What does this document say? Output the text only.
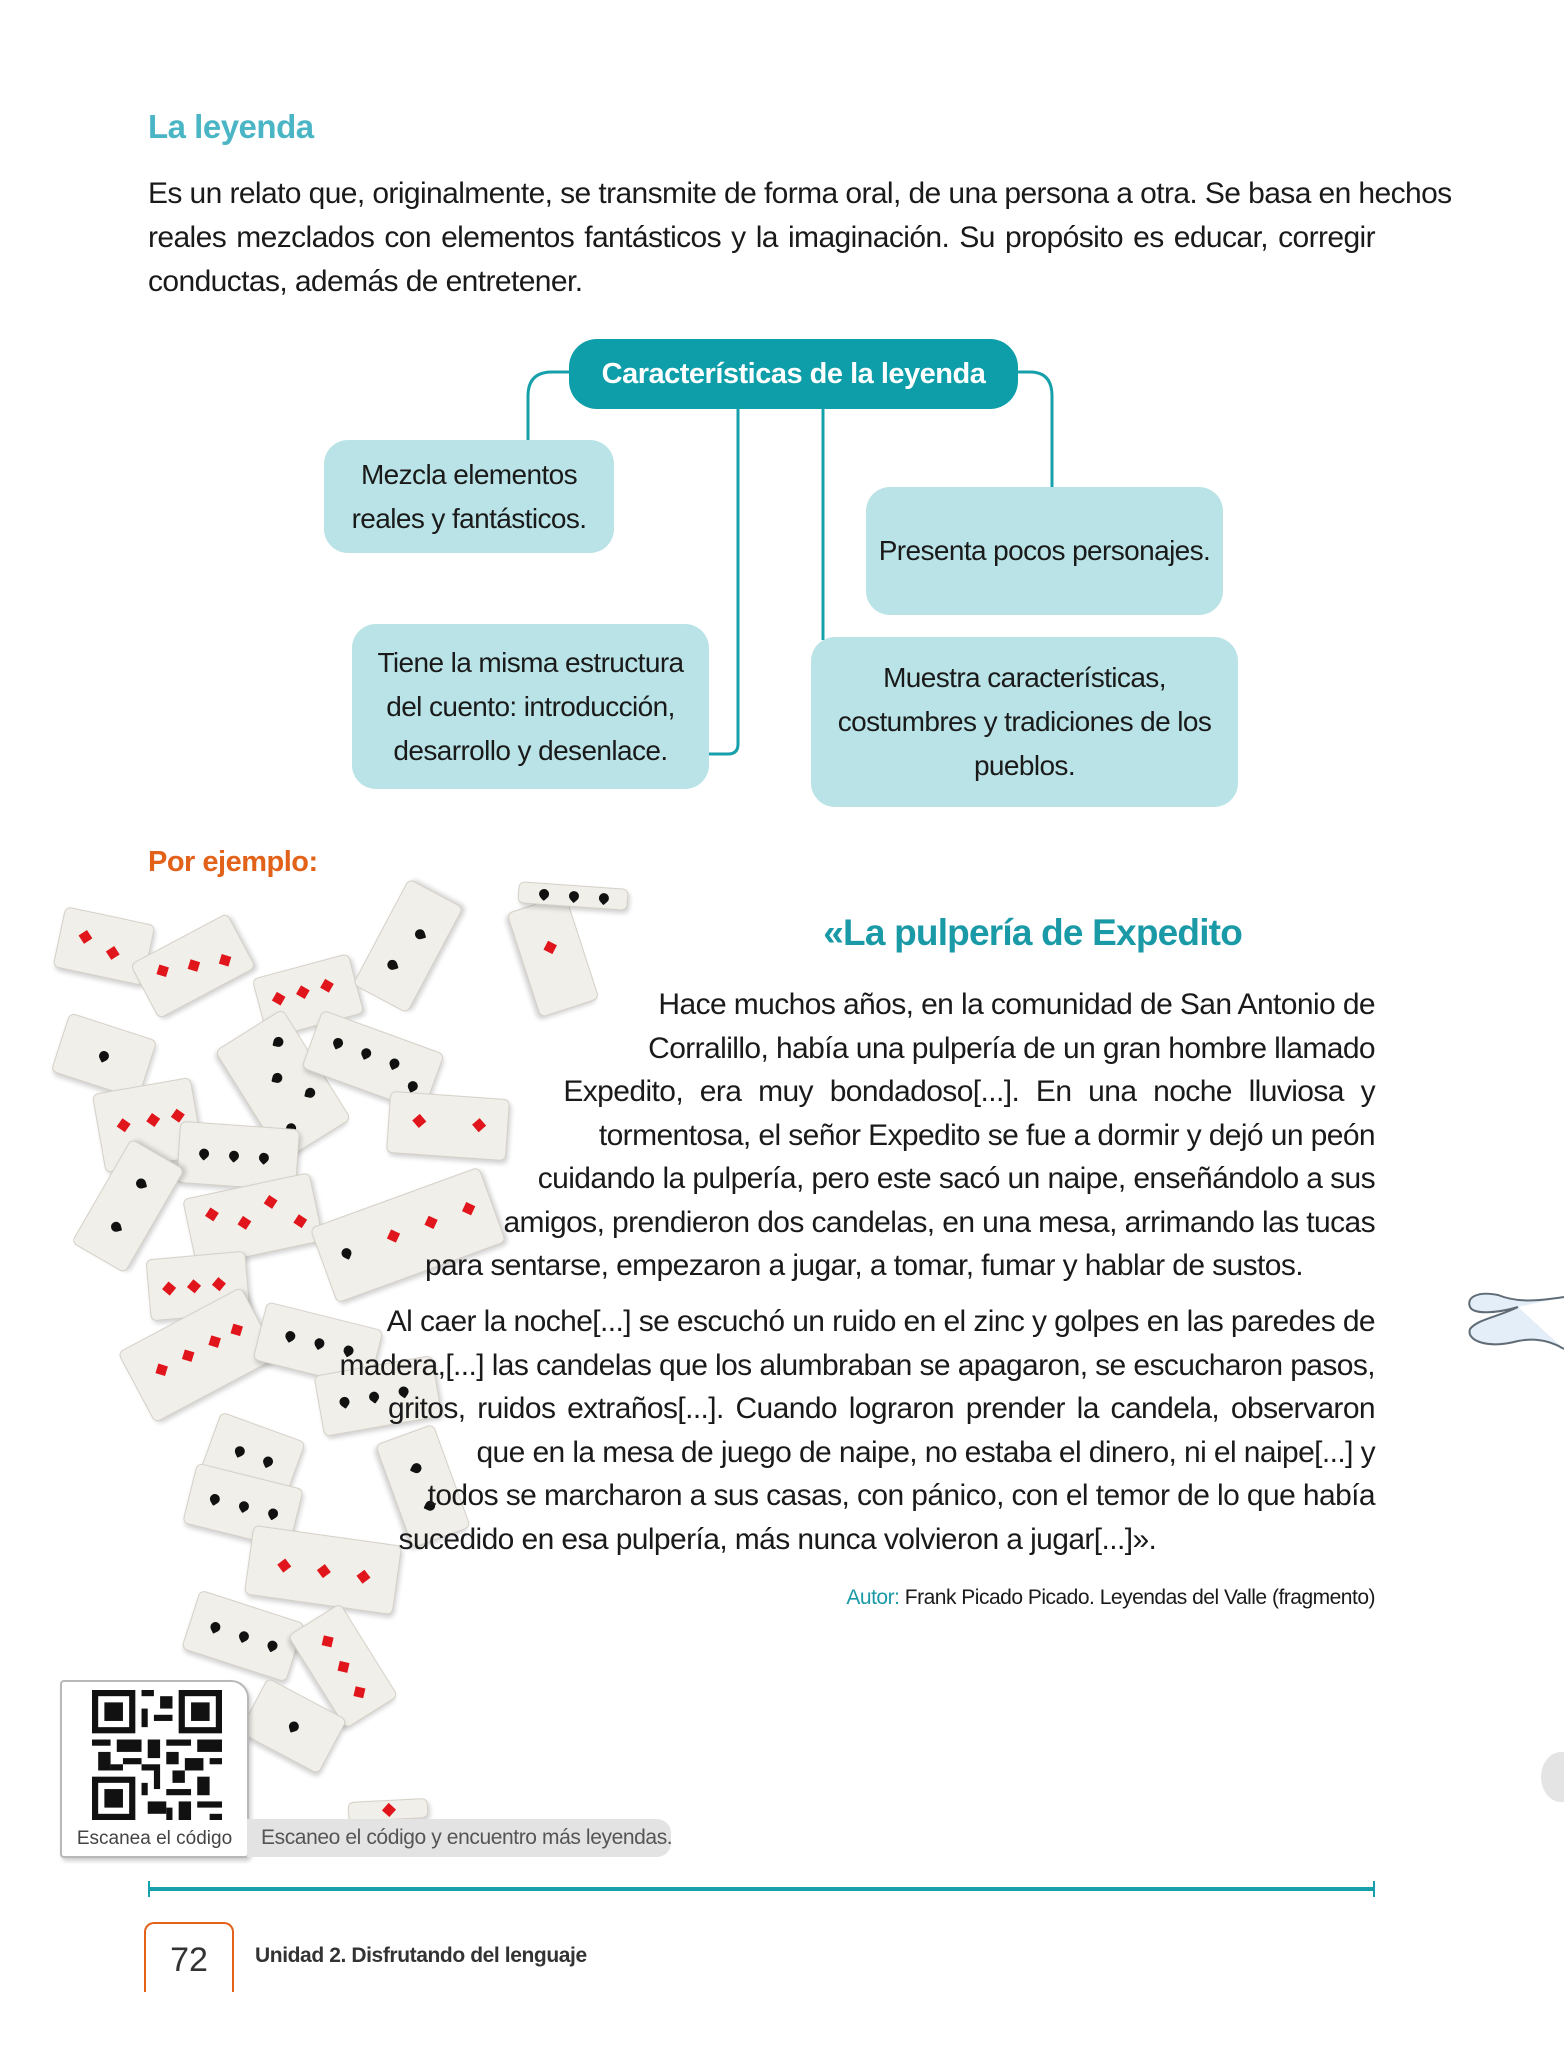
La leyenda
Es un relato que, originalmente, se transmite de forma oral, de una persona a otra. Se basa en hechos
reales mezclados con elementos fantásticos y la imaginación. Su propósito es educar, corregir
conductas, además de entretener.
Características de la leyenda
Mezcla elementos
reales y fantásticos.
Presenta pocos personajes.
Tiene la misma estructura
del cuento: introducción,
desarrollo y desenlace.
Muestra características,
costumbres y tradiciones de los
pueblos.
Por ejemplo:
«La pulpería de Expedito
Hace muchos años, en la comunidad de San Antonio de
Corralillo, había una pulpería de un gran hombre llamado
Expedito, era muy bondadoso[...]. En una noche lluviosa y
tormentosa, el señor Expedito se fue a dormir y dejó un peón
cuidando la pulpería, pero este sacó un naipe, enseñándolo a sus
amigos, prendieron dos candelas, en una mesa, arrimando las tucas
para sentarse, empezaron a jugar, a tomar, fumar y hablar de sustos.
Al caer la noche[...] se escuchó un ruido en el zinc y golpes en las paredes de
madera,[...] las candelas que los alumbraban se apagaron, se escucharon pasos,
gritos, ruidos extraños[...]. Cuando lograron prender la candela, observaron
que en la mesa de juego de naipe, no estaba el dinero, ni el naipe[...] y
todos se marcharon a sus casas, con pánico, con el temor de lo que había
sucedido en esa pulpería, más nunca volvieron a jugar[...]».
Autor: Frank Picado Picado. Leyendas del Valle (fragmento)
Escanea el código	Escaneo el código y encuentro más leyendas.
72	Unidad 2. Disfrutando del lenguaje
